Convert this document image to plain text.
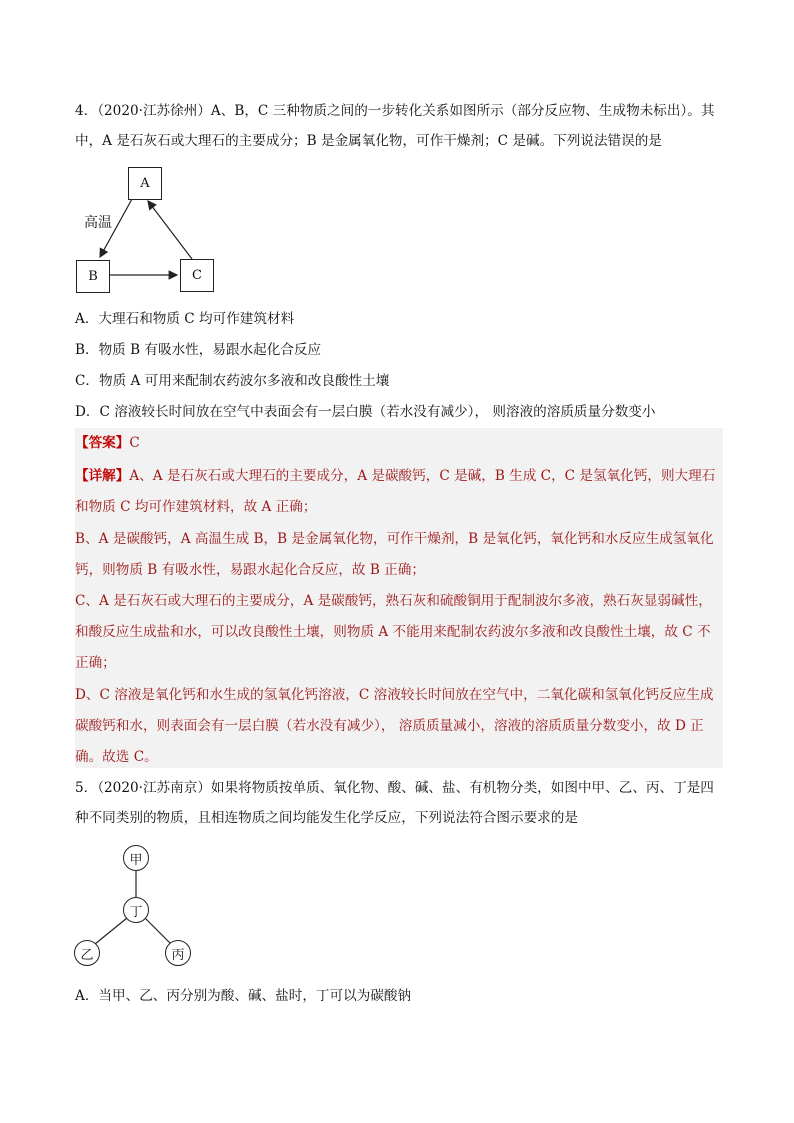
4．（2020·江苏徐州）A、B，C 三种物质之间的一步转化关系如图所示（部分反应物、生成物未标出）。其
中，A 是石灰石或大理石的主要成分；B 是金属氧化物，可作干燥剂；C 是碱。下列说法错误的是
A
B	C
高温
A．大理石和物质 C 均可作建筑材料
B．物质 B 有吸水性，易跟水起化合反应
C．物质 A 可用来配制农药波尔多液和改良酸性土壤
D．C 溶液较长时间放在空气中表面会有一层白膜（若水没有减少）， 则溶液的溶质质量分数变小
【答案】C
【详解】A、A 是石灰石或大理石的主要成分，A 是碳酸钙，C 是碱，B 生成 C，C 是氢氧化钙，则大理石
和物质 C 均可作建筑材料，故 A 正确；
B、A 是碳酸钙，A 高温生成 B，B 是金属氧化物，可作干燥剂，B 是氧化钙，氧化钙和水反应生成氢氧化
钙，则物质 B 有吸水性，易跟水起化合反应，故 B 正确；
C、A 是石灰石或大理石的主要成分，A 是碳酸钙，熟石灰和硫酸铜用于配制波尔多液，熟石灰显弱碱性，
和酸反应生成盐和水，可以改良酸性土壤，则物质 A 不能用来配制农药波尔多液和改良酸性土壤，故 C 不
正确；
D、C 溶液是氧化钙和水生成的氢氧化钙溶液，C 溶液较长时间放在空气中，二氧化碳和氢氧化钙反应生成
碳酸钙和水，则表面会有一层白膜（若水没有减少）， 溶质质量减小，溶液的溶质质量分数变小，故 D 正
确。故选 C。
5．（2020·江苏南京）如果将物质按单质、氧化物、酸、碱、盐、有机物分类，如图中甲、乙、丙、丁是四
种不同类别的物质，且相连物质之间均能发生化学反应，下列说法符合图示要求的是
甲
丁
乙	丙
A．当甲、乙、丙分别为酸、碱、盐时，丁可以为碳酸钠
